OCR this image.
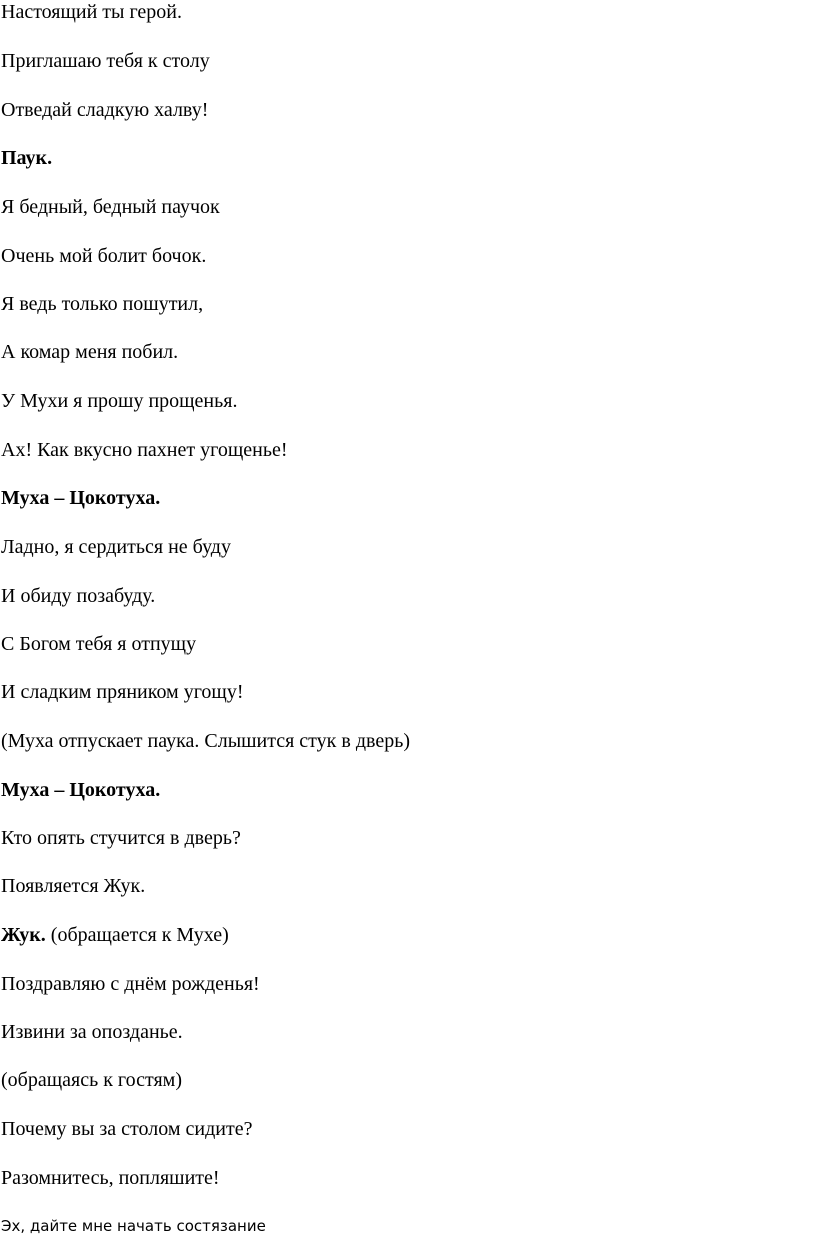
Настоящий ты герой.

Приглашаю тебя к столу

Отведай сладкую халву!

Паук.

Я бедный, бедный паучок

Очень мой болит бочок.

Я ведь только пошутил,

А комар меня побил.

У Мухи я прошу прощенья.

Ах! Как вкусно пахнет угощенье!

Муха – Цокотуха.

Ладно, я сердиться не буду

И обиду позабуду.

С Богом тебя я отпущу

И сладким пряником угощу!

(Муха отпускает паука. Слышится стук в дверь)

Муха – Цокотуха.

Кто опять стучится в дверь?

Появляется Жук.

Жук. (обращается к Мухе)

Поздравляю с днём рожденья!

Извини за опозданье.

(обращаясь к гостям)

Почему вы за столом сидите?

Разомнитесь, попляшите!

Эх, дайте мне начать состязание
